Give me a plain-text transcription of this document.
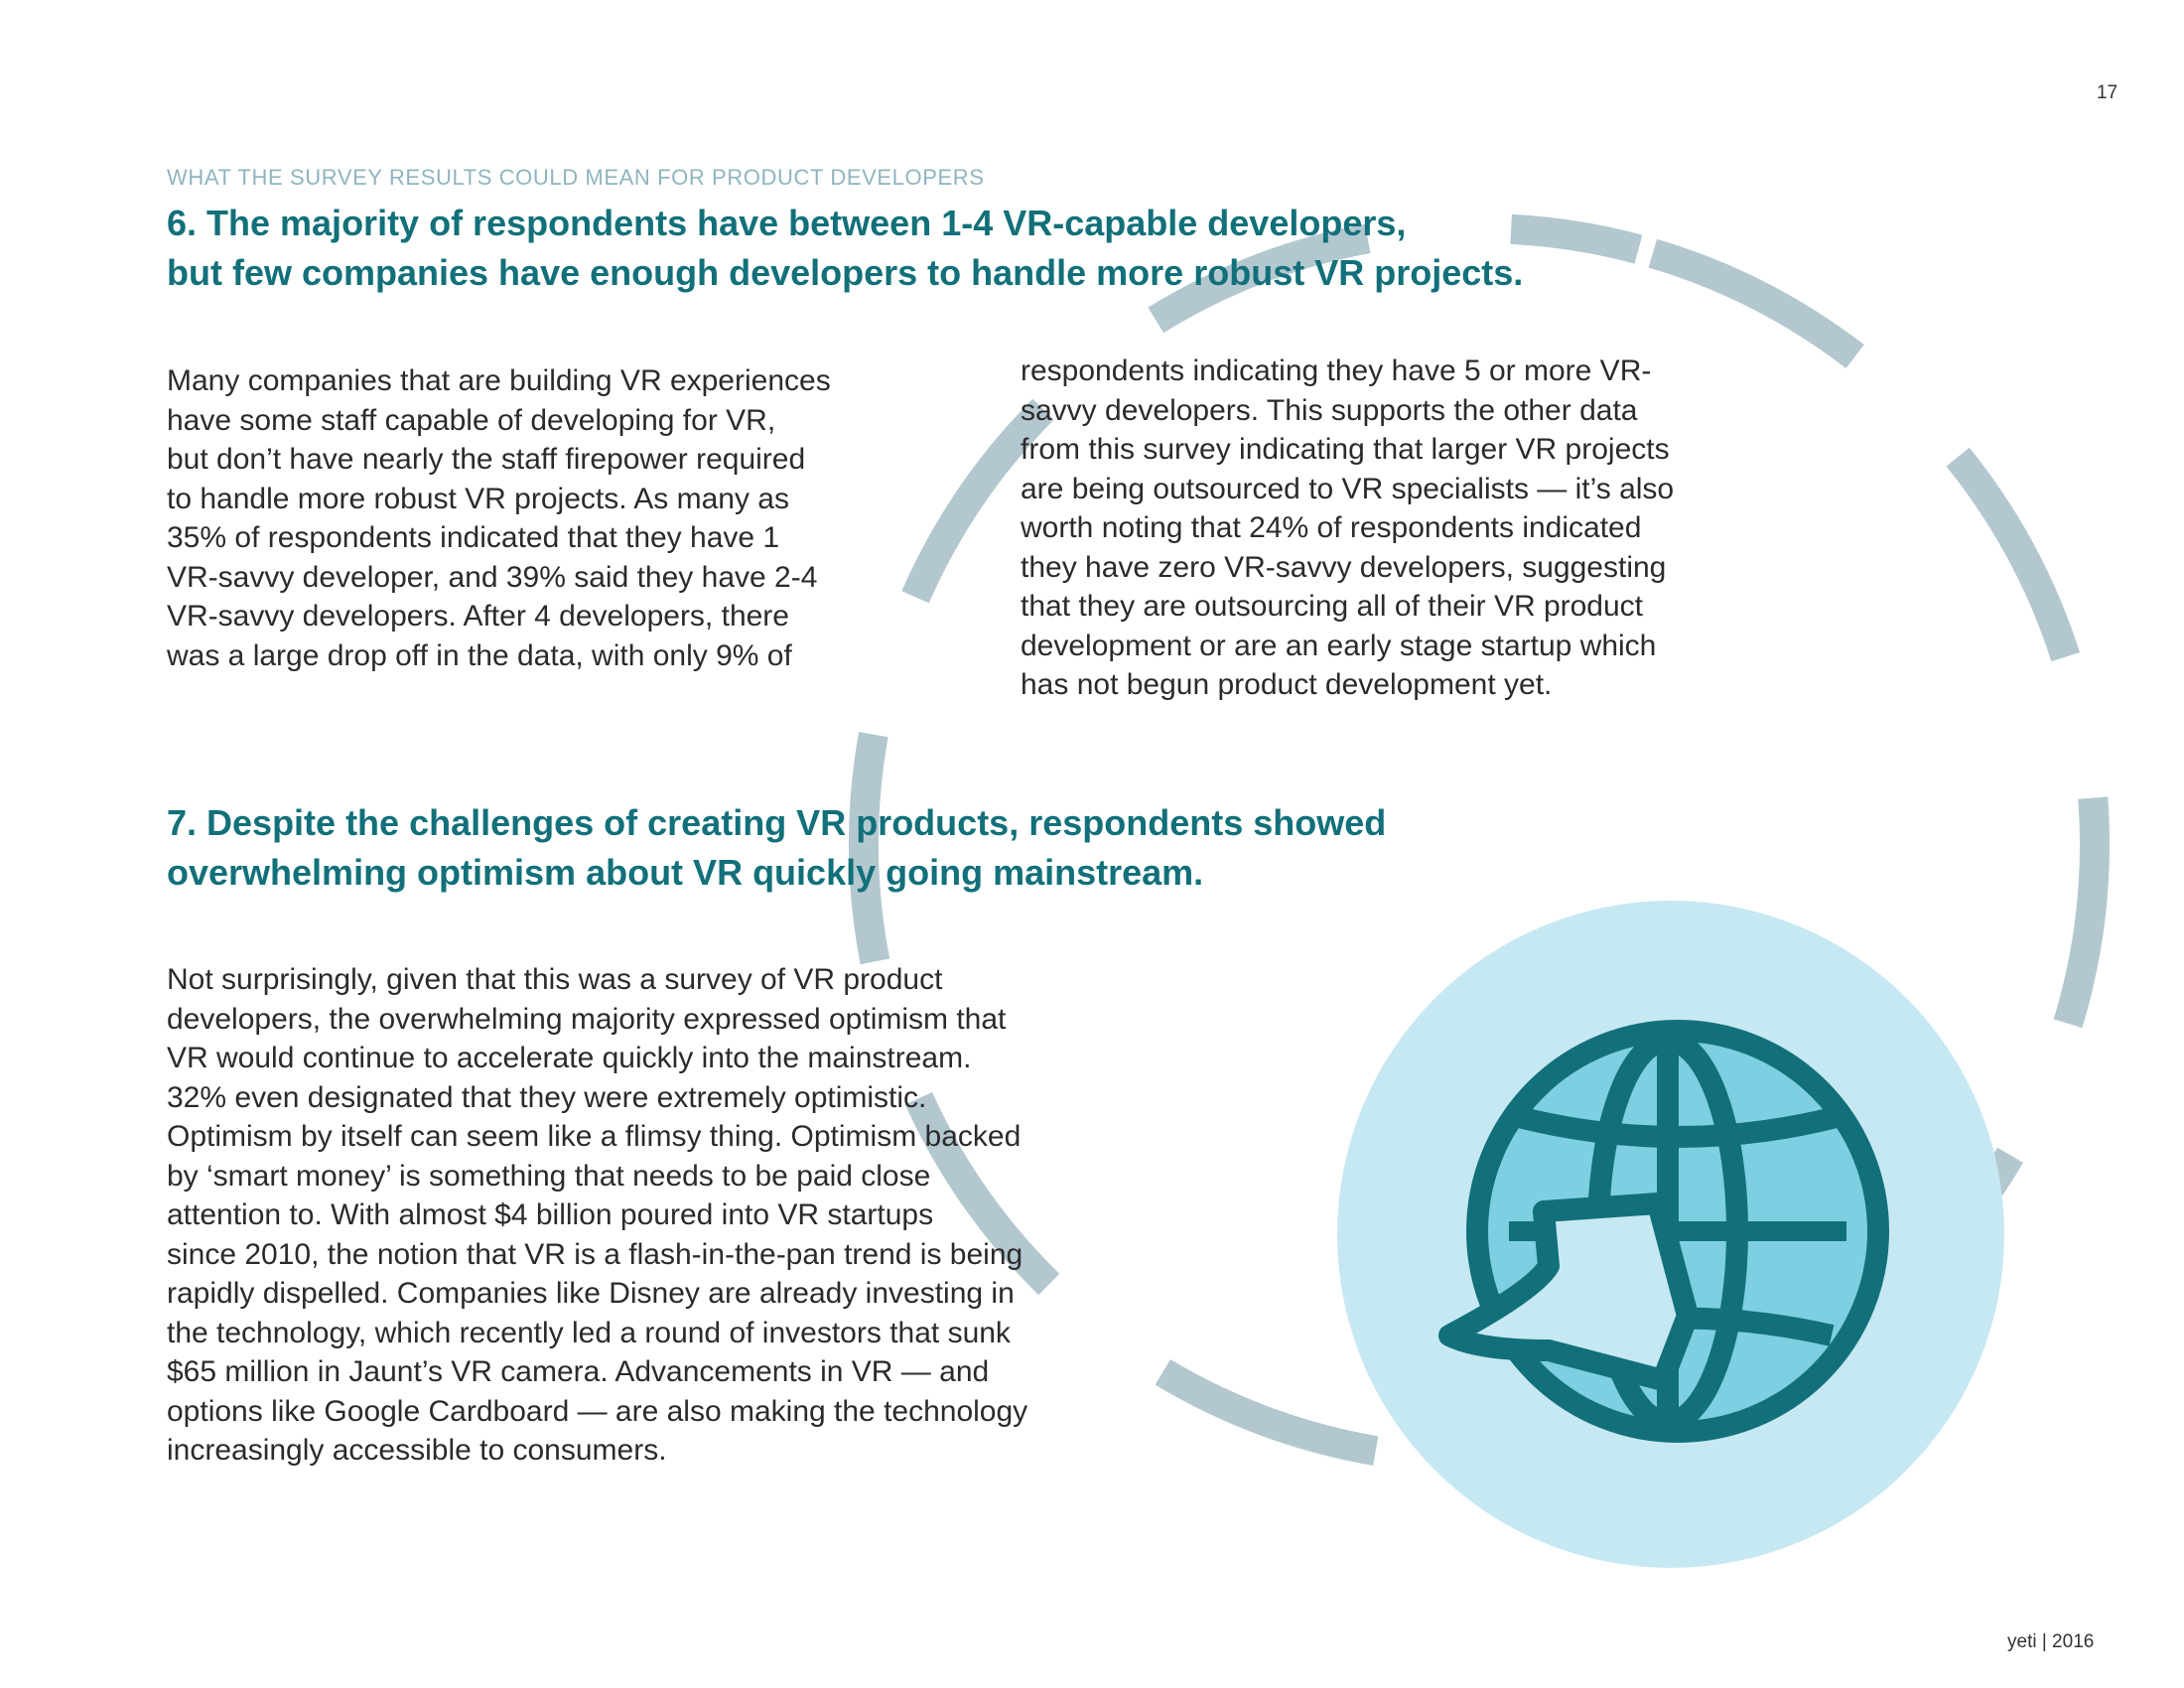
17
WHAT THE SURVEY RESULTS COULD MEAN FOR PRODUCT DEVELOPERS
6. The majority of respondents have between 1-4 VR-capable developers,
but few companies have enough developers to handle more robust VR projects.

Many companies that are building VR experiences
have some staff capable of developing for VR,
but don’t have nearly the staff firepower required
to handle more robust VR projects. As many as
35% of respondents indicated that they have 1
VR-savvy developer, and 39% said they have 2-4
VR-savvy developers. After 4 developers, there
was a large drop off in the data, with only 9% of

respondents indicating they have 5 or more VR-
savvy developers. This supports the other data
from this survey indicating that larger VR projects
are being outsourced to VR specialists — it’s also
worth noting that 24% of respondents indicated
they have zero VR-savvy developers, suggesting
that they are outsourcing all of their VR product
development or are an early stage startup which
has not begun product development yet.

7. Despite the challenges of creating VR products, respondents showed
overwhelming optimism about VR quickly going mainstream.

Not surprisingly, given that this was a survey of VR product
developers, the overwhelming majority expressed optimism that
VR would continue to accelerate quickly into the mainstream.
32% even designated that they were extremely optimistic.
Optimism by itself can seem like a flimsy thing. Optimism backed
by ‘smart money’ is something that needs to be paid close
attention to. With almost $4 billion poured into VR startups
since 2010, the notion that VR is a flash-in-the-pan trend is being
rapidly dispelled. Companies like Disney are already investing in
the technology, which recently led a round of investors that sunk
$65 million in Jaunt’s VR camera. Advancements in VR — and
options like Google Cardboard — are also making the technology
increasingly accessible to consumers.

yeti | 2016
